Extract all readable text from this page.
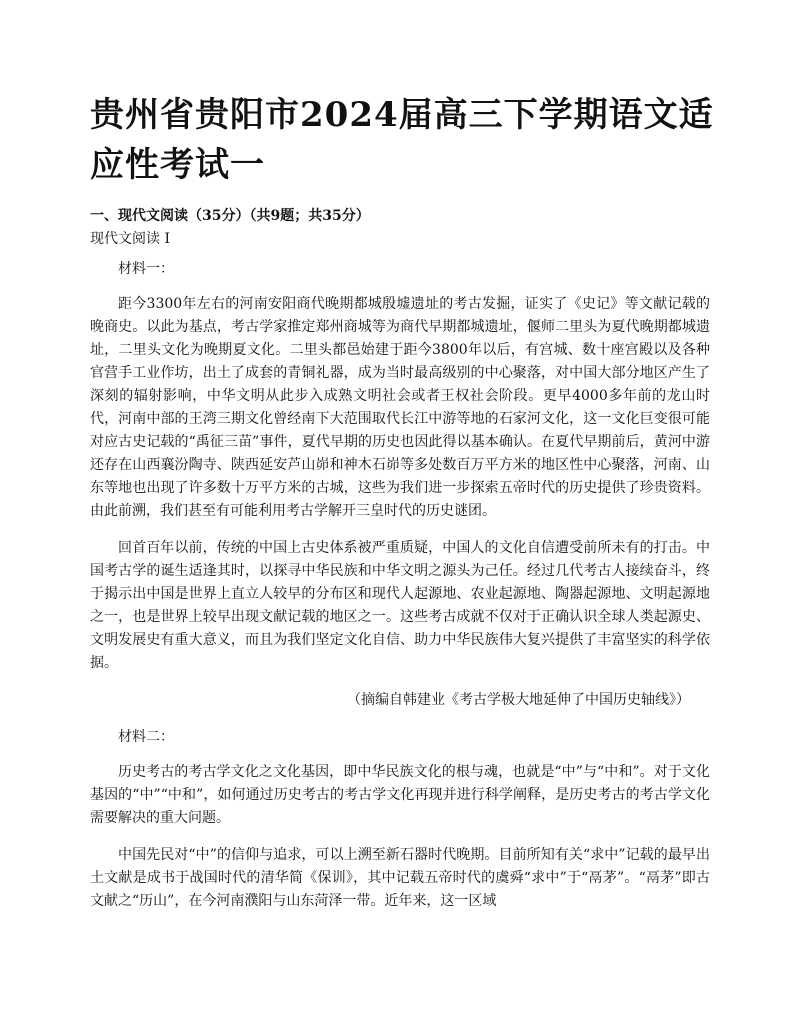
贵州省贵阳市2024届高三下学期语文适应性考试一

一、现代文阅读（35分）（共9题；共35分）

现代文阅读 I

材料一：

距今3300年左右的河南安阳商代晚期都城殷墟遗址的考古发掘，证实了《史记》等文献记载的晚商史。以此为基点，考古学家推定郑州商城等为商代早期都城遗址，偃师二里头为夏代晚期都城遗址，二里头文化为晚期夏文化。二里头都邑始建于距今3800年以后，有宫城、数十座宫殿以及各种官营手工业作坊，出土了成套的青铜礼器，成为当时最高级别的中心聚落，对中国大部分地区产生了深刻的辐射影响，中华文明从此步入成熟文明社会或者王权社会阶段。更早4000多年前的龙山时代，河南中部的王湾三期文化曾经南下大范围取代长江中游等地的石家河文化，这一文化巨变很可能对应古史记载的“禹征三苗”事件，夏代早期的历史也因此得以基本确认。在夏代早期前后，黄河中游还存在山西襄汾陶寺、陕西延安芦山峁和神木石峁等多处数百万平方米的地区性中心聚落，河南、山东等地也出现了许多数十万平方米的古城，这些为我们进一步探索五帝时代的历史提供了珍贵资料。由此前溯，我们甚至有可能利用考古学解开三皇时代的历史谜团。

回首百年以前，传统的中国上古史体系被严重质疑，中国人的文化自信遭受前所未有的打击。中国考古学的诞生适逢其时，以探寻中华民族和中华文明之源头为己任。经过几代考古人接续奋斗，终于揭示出中国是世界上直立人较早的分布区和现代人起源地、农业起源地、陶器起源地、文明起源地之一，也是世界上较早出现文献记载的地区之一。这些考古成就不仅对于正确认识全球人类起源史、文明发展史有重大意义，而且为我们坚定文化自信、助力中华民族伟大复兴提供了丰富坚实的科学依据。

（摘编自韩建业《考古学极大地延伸了中国历史轴线》）

材料二：

历史考古的考古学文化之文化基因，即中华民族文化的根与魂，也就是“中”与“中和”。对于文化基因的“中”“中和”，如何通过历史考古的考古学文化再现并进行科学阐释，是历史考古的考古学文化需要解决的重大问题。

中国先民对“中”的信仰与追求，可以上溯至新石器时代晚期。目前所知有关“求中”记载的最早出土文献是成书于战国时代的清华简《保训》，其中记载五帝时代的虞舜“求中”于“鬲茅”。“鬲茅”即古文献之“历山”，在今河南濮阳与山东菏泽一带。近年来，这一区域
